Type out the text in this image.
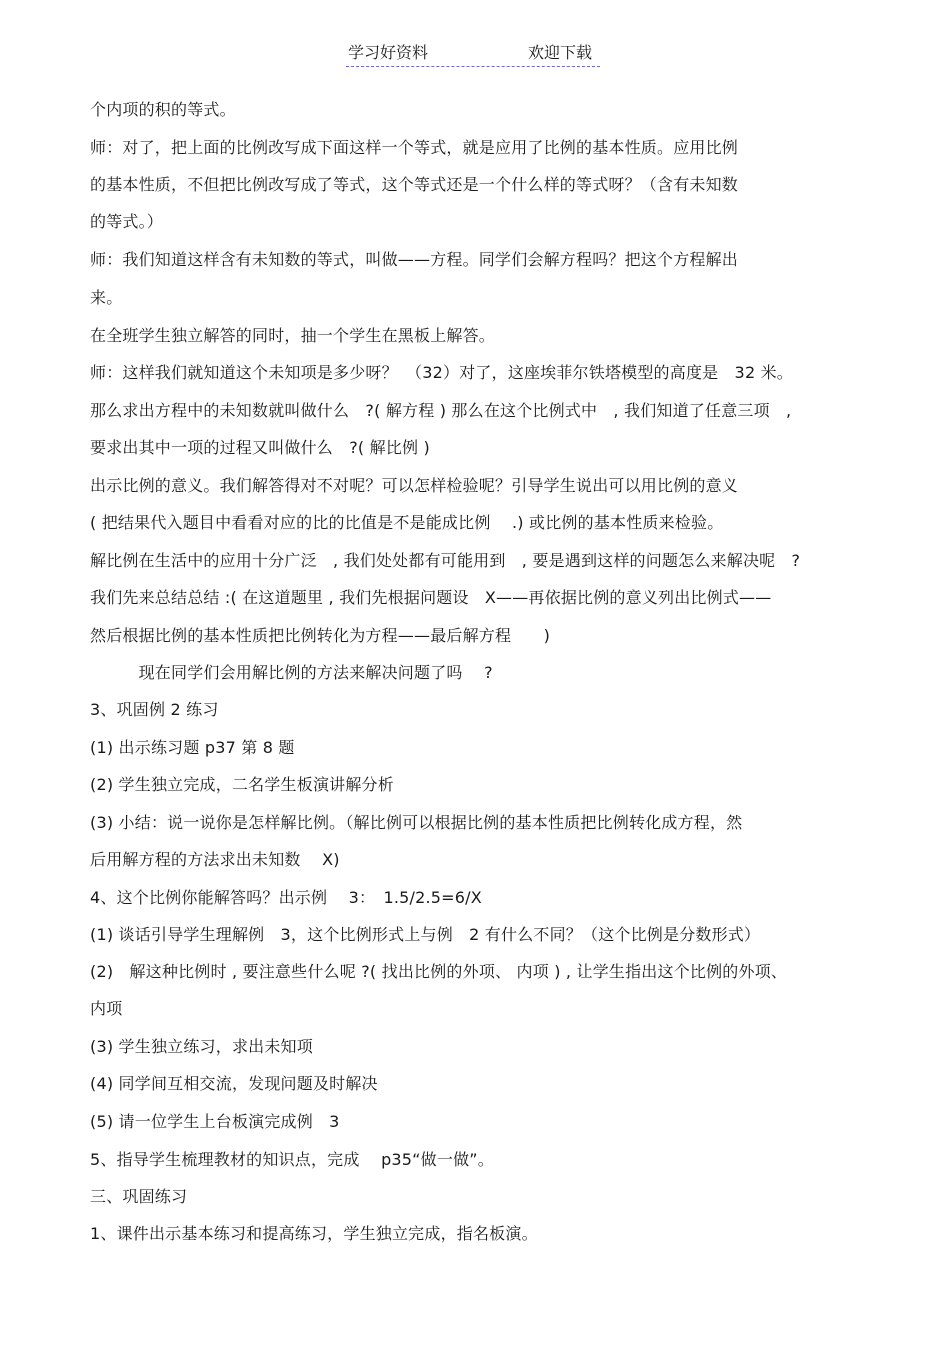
学习好资料	欢迎下载
个内项的积的等式。
师：对了，把上面的比例改写成下面这样一个等式，就是应用了比例的基本性质。应用比例
的基本性质，不但把比例改写成了等式，这个等式还是一个什么样的等式呀？（含有未知数
的等式。）
师：我们知道这样含有未知数的等式，叫做——方程。同学们会解方程吗？把这个方程解出
来。
在全班学生独立解答的同时，抽一个学生在黑板上解答。
师：这样我们就知道这个未知项是多少呀？　（32）对了，这座埃菲尔铁塔模型的高度是　32 米。
那么求出方程中的未知数就叫做什么　?( 解方程 ) 那么在这个比例式中　, 我们知道了任意三项　,
要求出其中一项的过程又叫做什么　?( 解比例 )
出示比例的意义。我们解答得对不对呢？可以怎样检验呢？引导学生说出可以用比例的意义
( 把结果代入题目中看看对应的比的比值是不是能成比例　 .) 或比例的基本性质来检验。
解比例在生活中的应用十分广泛　, 我们处处都有可能用到　, 要是遇到这样的问题怎么来解决呢　?
我们先来总结总结 :( 在这道题里 , 我们先根据问题设　X——再依据比例的意义列出比例式——
然后根据比例的基本性质把比例转化为方程——最后解方程　　)
　　　现在同学们会用解比例的方法来解决问题了吗　 ?
3、巩固例 2 练习
(1) 出示练习题 p37 第 8 题
(2) 学生独立完成，二名学生板演讲解分析
(3) 小结：说一说你是怎样解比例。（解比例可以根据比例的基本性质把比例转化成方程，然
后用解方程的方法求出未知数　 X)
4、这个比例你能解答吗？出示例　 3：　1.5/2.5=6/X
(1) 谈话引导学生理解例　3，这个比例形式上与例　2 有什么不同？（这个比例是分数形式）
(2)　解这种比例时 , 要注意些什么呢 ?( 找出比例的外项、 内项 ) , 让学生指出这个比例的外项、
内项
(3) 学生独立练习，求出未知项
(4) 同学间互相交流，发现问题及时解决
(5) 请一位学生上台板演完成例　3
5、指导学生梳理教材的知识点，完成　 p35“做一做”。
三、巩固练习
1、课件出示基本练习和提高练习，学生独立完成，指名板演。
